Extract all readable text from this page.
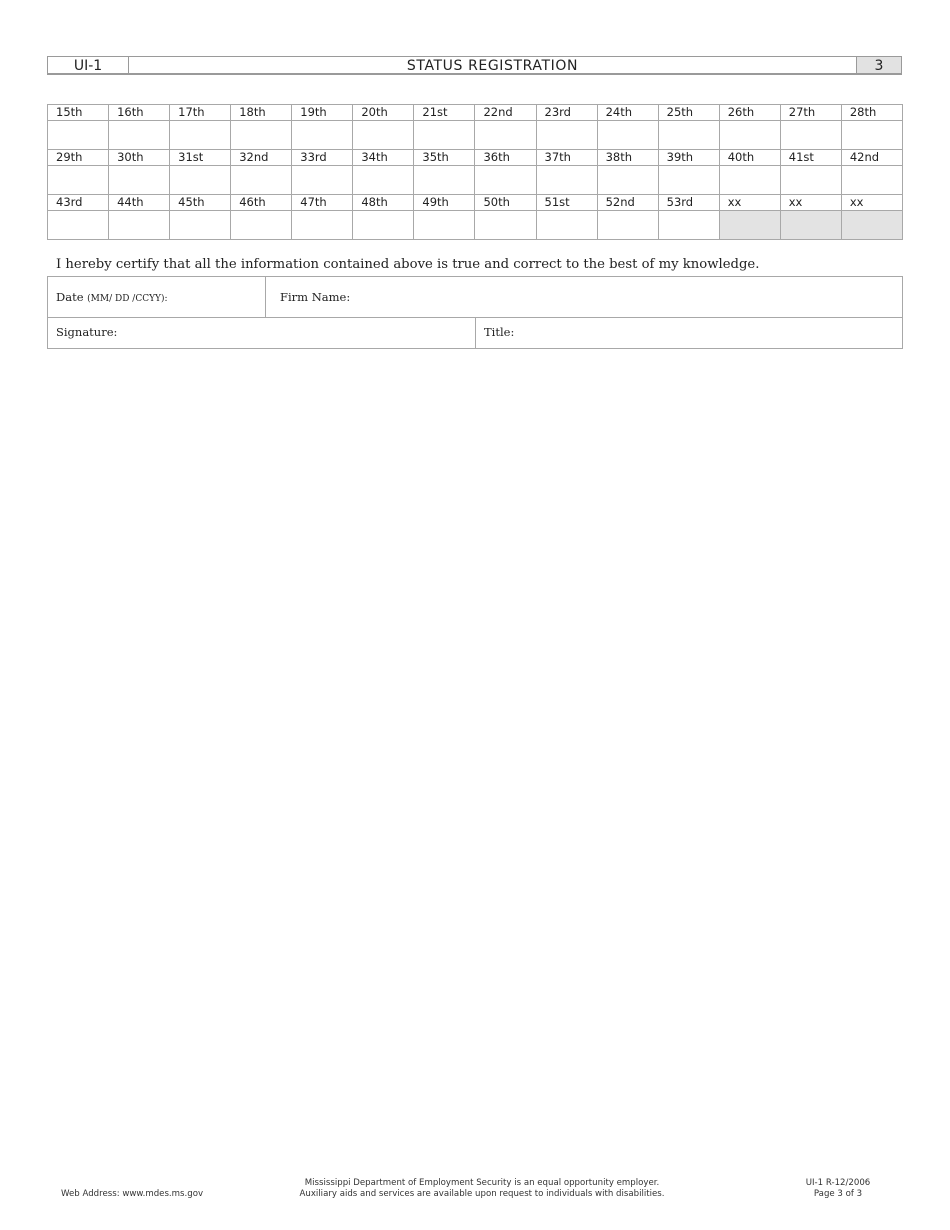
UI-1	STATUS REGISTRATION	3
15th	16th	17th	18th	19th	20th	21st	22nd	23rd	24th	25th	26th	27th	28th

29th	30th	31st	32nd	33rd	34th	35th	36th	37th	38th	39th	40th	41st	42nd

43rd	44th	45th	46th	47th	48th	49th	50th	51st	52nd	53rd	xx	xx	xx

I hereby certify that all the information contained above is true and correct to the best of my knowledge.
Date (MM/ DD /CCYY):	Firm Name:
Signature:	Title:
Web Address: www.mdes.ms.gov
Mississippi Department of Employment Security is an equal opportunity employer.
Auxiliary aids and services are available upon request to individuals with disabilities.
UI-1 R-12/2006
Page 3 of 3
